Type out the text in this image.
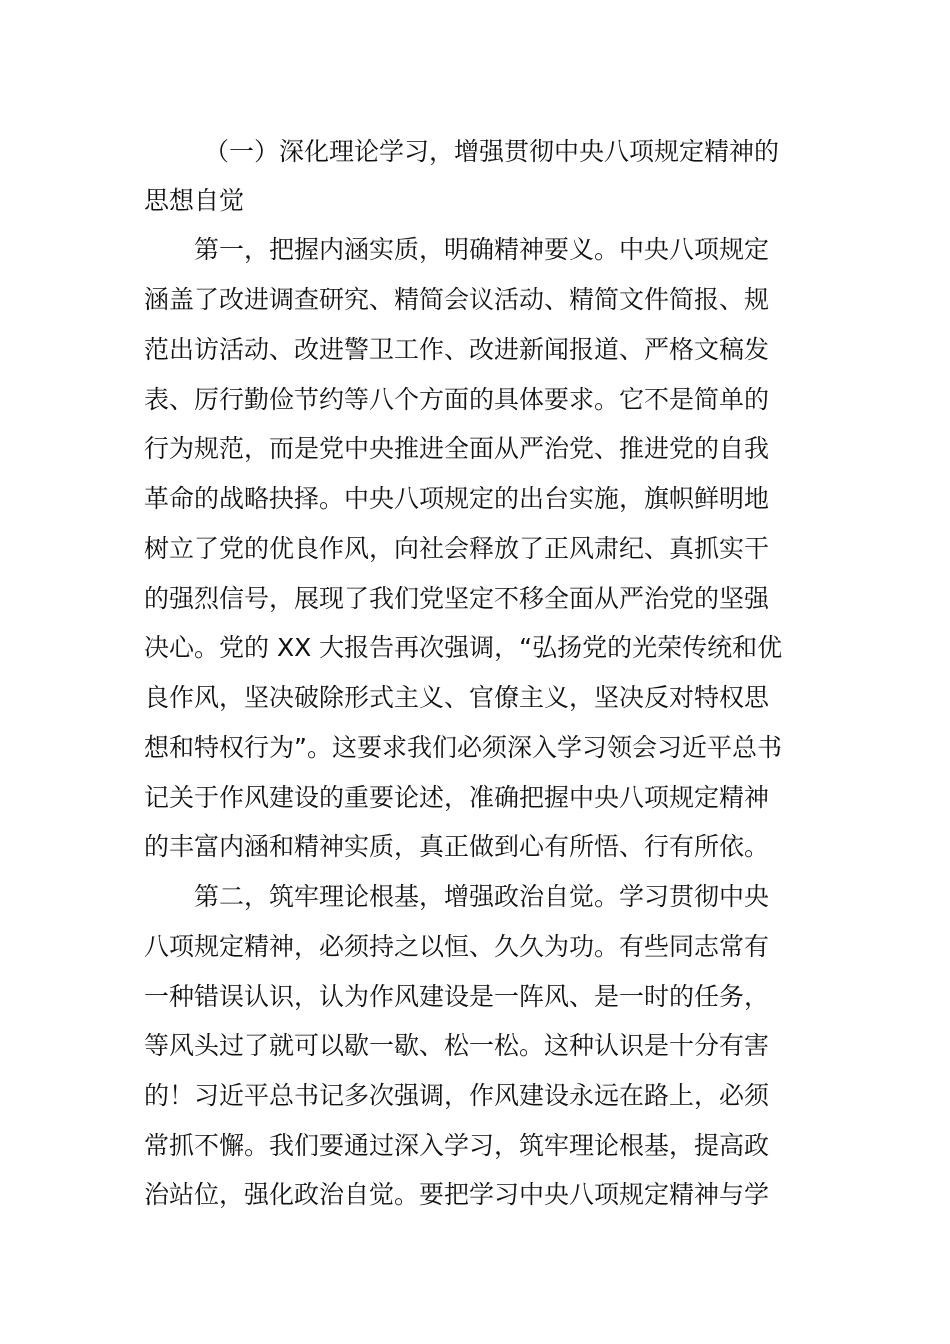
（一）深化理论学习，增强贯彻中央八项规定精神的
思想自觉
第一，把握内涵实质，明确精神要义。中央八项规定
涵盖了改进调查研究、精简会议活动、精简文件简报、规
范出访活动、改进警卫工作、改进新闻报道、严格文稿发
表、厉行勤俭节约等八个方面的具体要求。它不是简单的
行为规范，而是党中央推进全面从严治党、推进党的自我
革命的战略抉择。中央八项规定的出台实施，旗帜鲜明地
树立了党的优良作风，向社会释放了正风肃纪、真抓实干
的强烈信号，展现了我们党坚定不移全面从严治党的坚强
决心。党的 XX 大报告再次强调，“弘扬党的光荣传统和优
良作风，坚决破除形式主义、官僚主义，坚决反对特权思
想和特权行为”。这要求我们必须深入学习领会习近平总书
记关于作风建设的重要论述，准确把握中央八项规定精神
的丰富内涵和精神实质，真正做到心有所悟、行有所依。
第二，筑牢理论根基，增强政治自觉。学习贯彻中央
八项规定精神，必须持之以恒、久久为功。有些同志常有
一种错误认识，认为作风建设是一阵风、是一时的任务，
等风头过了就可以歇一歇、松一松。这种认识是十分有害
的！习近平总书记多次强调，作风建设永远在路上，必须
常抓不懈。我们要通过深入学习，筑牢理论根基，提高政
治站位，强化政治自觉。要把学习中央八项规定精神与学
